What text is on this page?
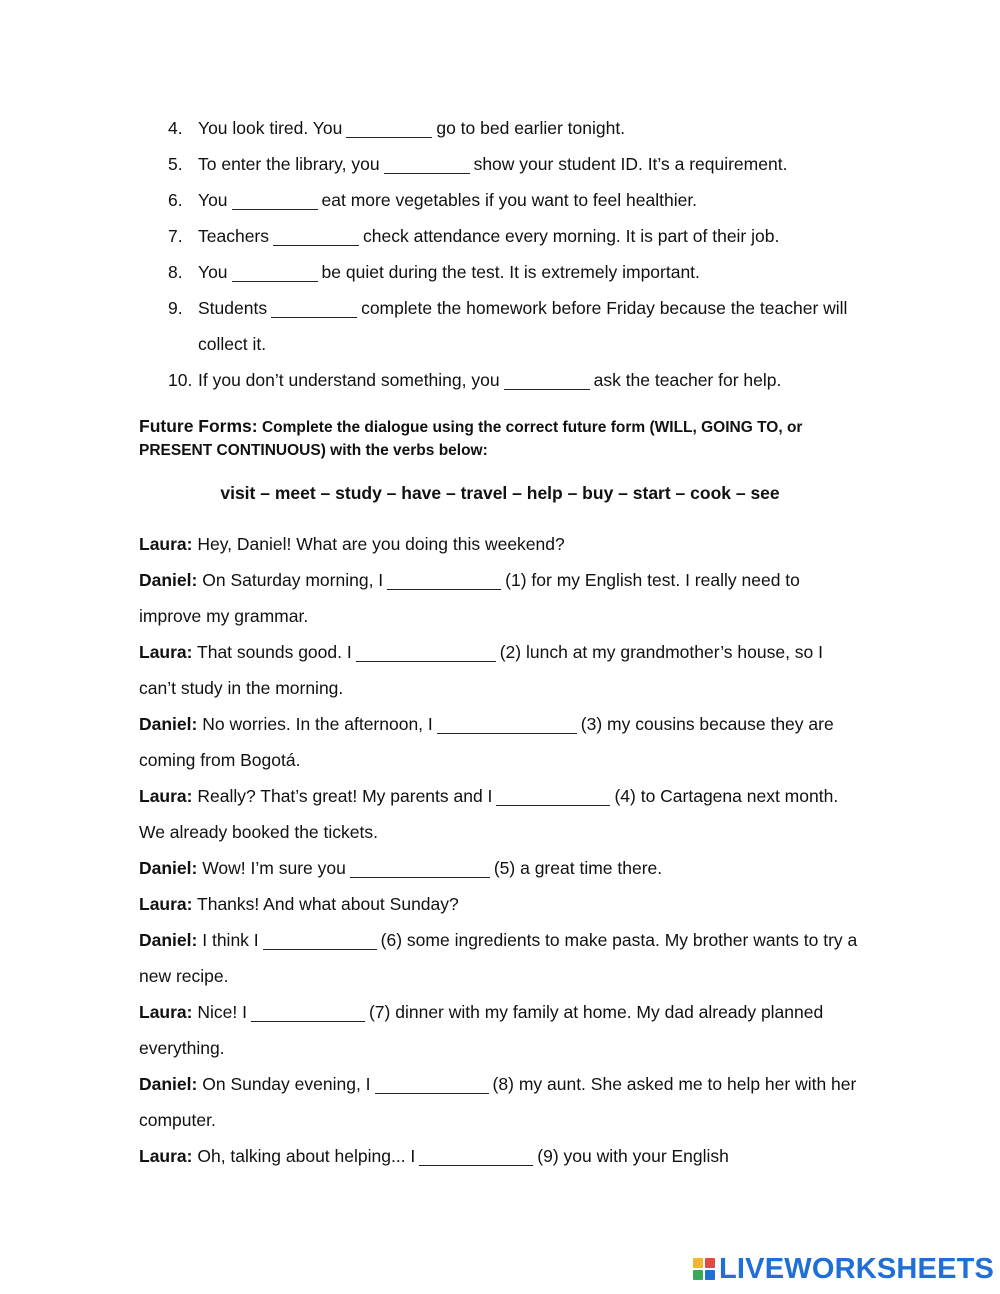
4. You look tired. You	go to bed earlier tonight.
5. To enter the library, you	show your student ID. It’s a requirement.
6. You	eat more vegetables if you want to feel healthier.
7. Teachers	check attendance every morning. It is part of their job.
8. You	be quiet during the test. It is extremely important.
9. Students	complete the homework before Friday because the teacher will collect it.
10. If you don’t understand something, you	ask the teacher for help.
Future Forms: Complete the dialogue using the correct future form (WILL, GOING TO, or PRESENT CONTINUOUS) with the verbs below:
visit – meet – study – have – travel – help – buy – start – cook – see
Laura: Hey, Daniel! What are you doing this weekend?
Daniel: On Saturday morning, I	(1) for my English test. I really need to improve my grammar.
Laura: That sounds good. I	(2) lunch at my grandmother’s house, so I can’t study in the morning.
Daniel: No worries. In the afternoon, I	(3) my cousins because they are coming from Bogotá.
Laura: Really? That’s great! My parents and I	(4) to Cartagena next month. We already booked the tickets.
Daniel: Wow! I’m sure you	(5) a great time there.
Laura: Thanks! And what about Sunday?
Daniel: I think I	(6) some ingredients to make pasta. My brother wants to try a new recipe.
Laura: Nice! I	(7) dinner with my family at home. My dad already planned everything.
Daniel: On Sunday evening, I	(8) my aunt. She asked me to help her with her computer.
Laura: Oh, talking about helping... I	(9) you with your English
LIVEWORKSHEETS
